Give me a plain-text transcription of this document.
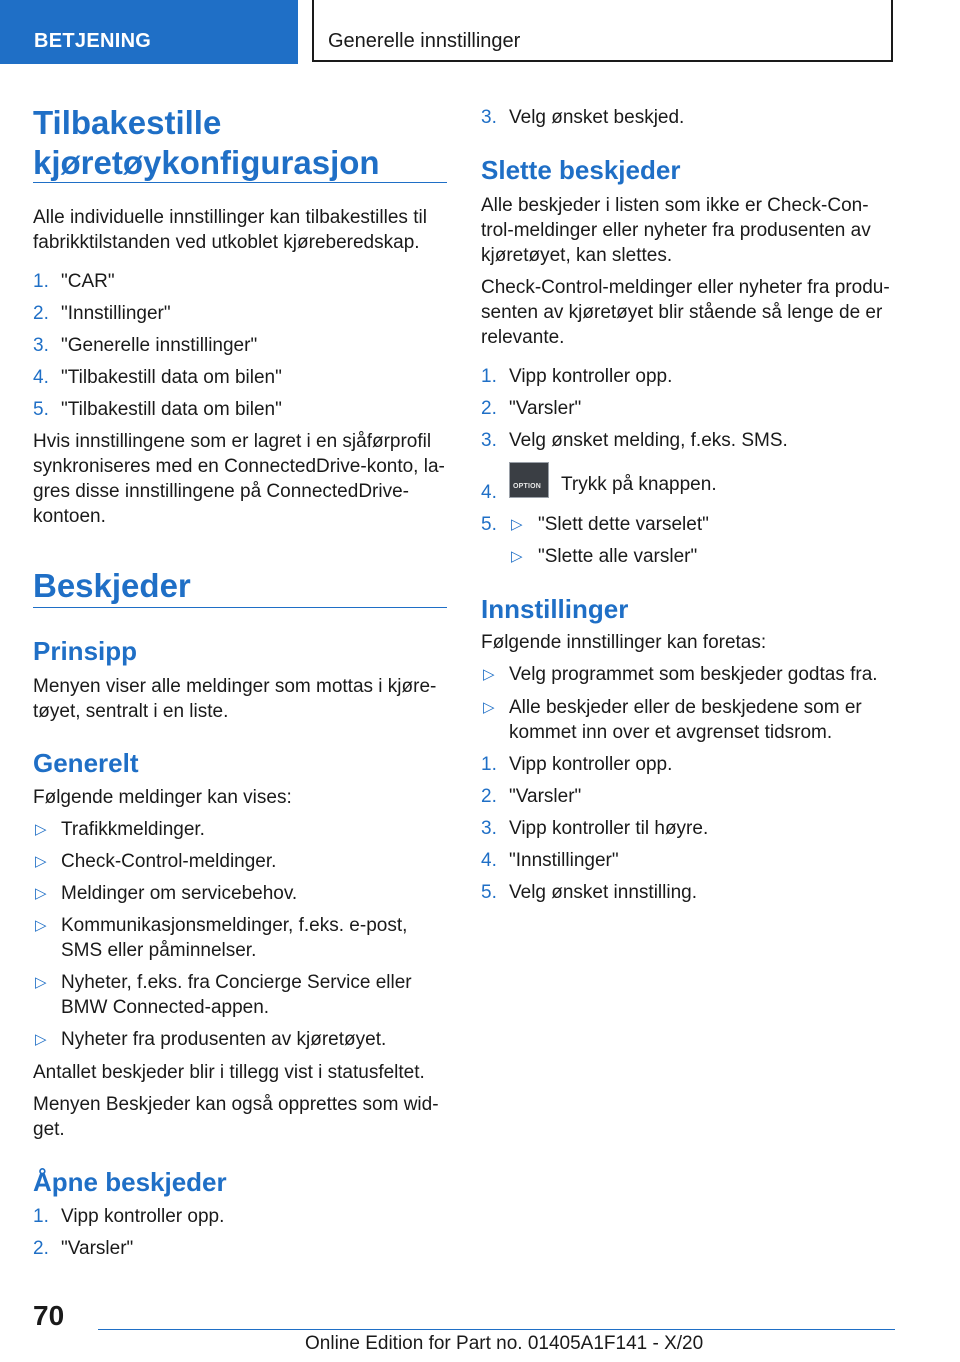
BETJENING	Generelle innstillinger
Tilbakestille
kjøretøykonfigurasjon
Alle individuelle innstillinger kan tilbakestilles til
fabrikktilstanden ved utkoblet kjøreberedskap.
1. "CAR"
2. "Innstillinger"
3. "Generelle innstillinger"
4. "Tilbakestill data om bilen"
5. "Tilbakestill data om bilen"
Hvis innstillingene som er lagret i en sjåførprofil
synkroniseres med en ConnectedDrive-konto, la-
gres disse innstillingene på ConnectedDrive-
kontoen.
Beskjeder
Prinsipp
Menyen viser alle meldinger som mottas i kjøre-
tøyet, sentralt i en liste.
Generelt
Følgende meldinger kan vises:
▷ Trafikkmeldinger.
▷ Check-Control-meldinger.
▷ Meldinger om servicebehov.
▷ Kommunikasjonsmeldinger, f.eks. e-post,
SMS eller påminnelser.
▷ Nyheter, f.eks. fra Concierge Service eller
BMW Connected-appen.
▷ Nyheter fra produsenten av kjøretøyet.
Antallet beskjeder blir i tillegg vist i statusfeltet.
Menyen Beskjeder kan også opprettes som wid-
get.
Åpne beskjeder
1. Vipp kontroller opp.
2. "Varsler"
3. Velg ønsket beskjed.
Slette beskjeder
Alle beskjeder i listen som ikke er Check-Con-
trol-meldinger eller nyheter fra produsenten av
kjøretøyet, kan slettes.
Check-Control-meldinger eller nyheter fra produ-
senten av kjøretøyet blir stående så lenge de er
relevante.
1. Vipp kontroller opp.
2. "Varsler"
3. Velg ønsket melding, f.eks. SMS.
4.	OPTION Trykk på knappen.
5. ▷ "Slett dette varselet"
▷ "Slette alle varsler"
Innstillinger
Følgende innstillinger kan foretas:
▷ Velg programmet som beskjeder godtas fra.
▷ Alle beskjeder eller de beskjedene som er
kommet inn over et avgrenset tidsrom.
1. Vipp kontroller opp.
2. "Varsler"
3. Vipp kontroller til høyre.
4. "Innstillinger"
5. Velg ønsket innstilling.
70
Online Edition for Part no. 01405A1F141 - X/20
